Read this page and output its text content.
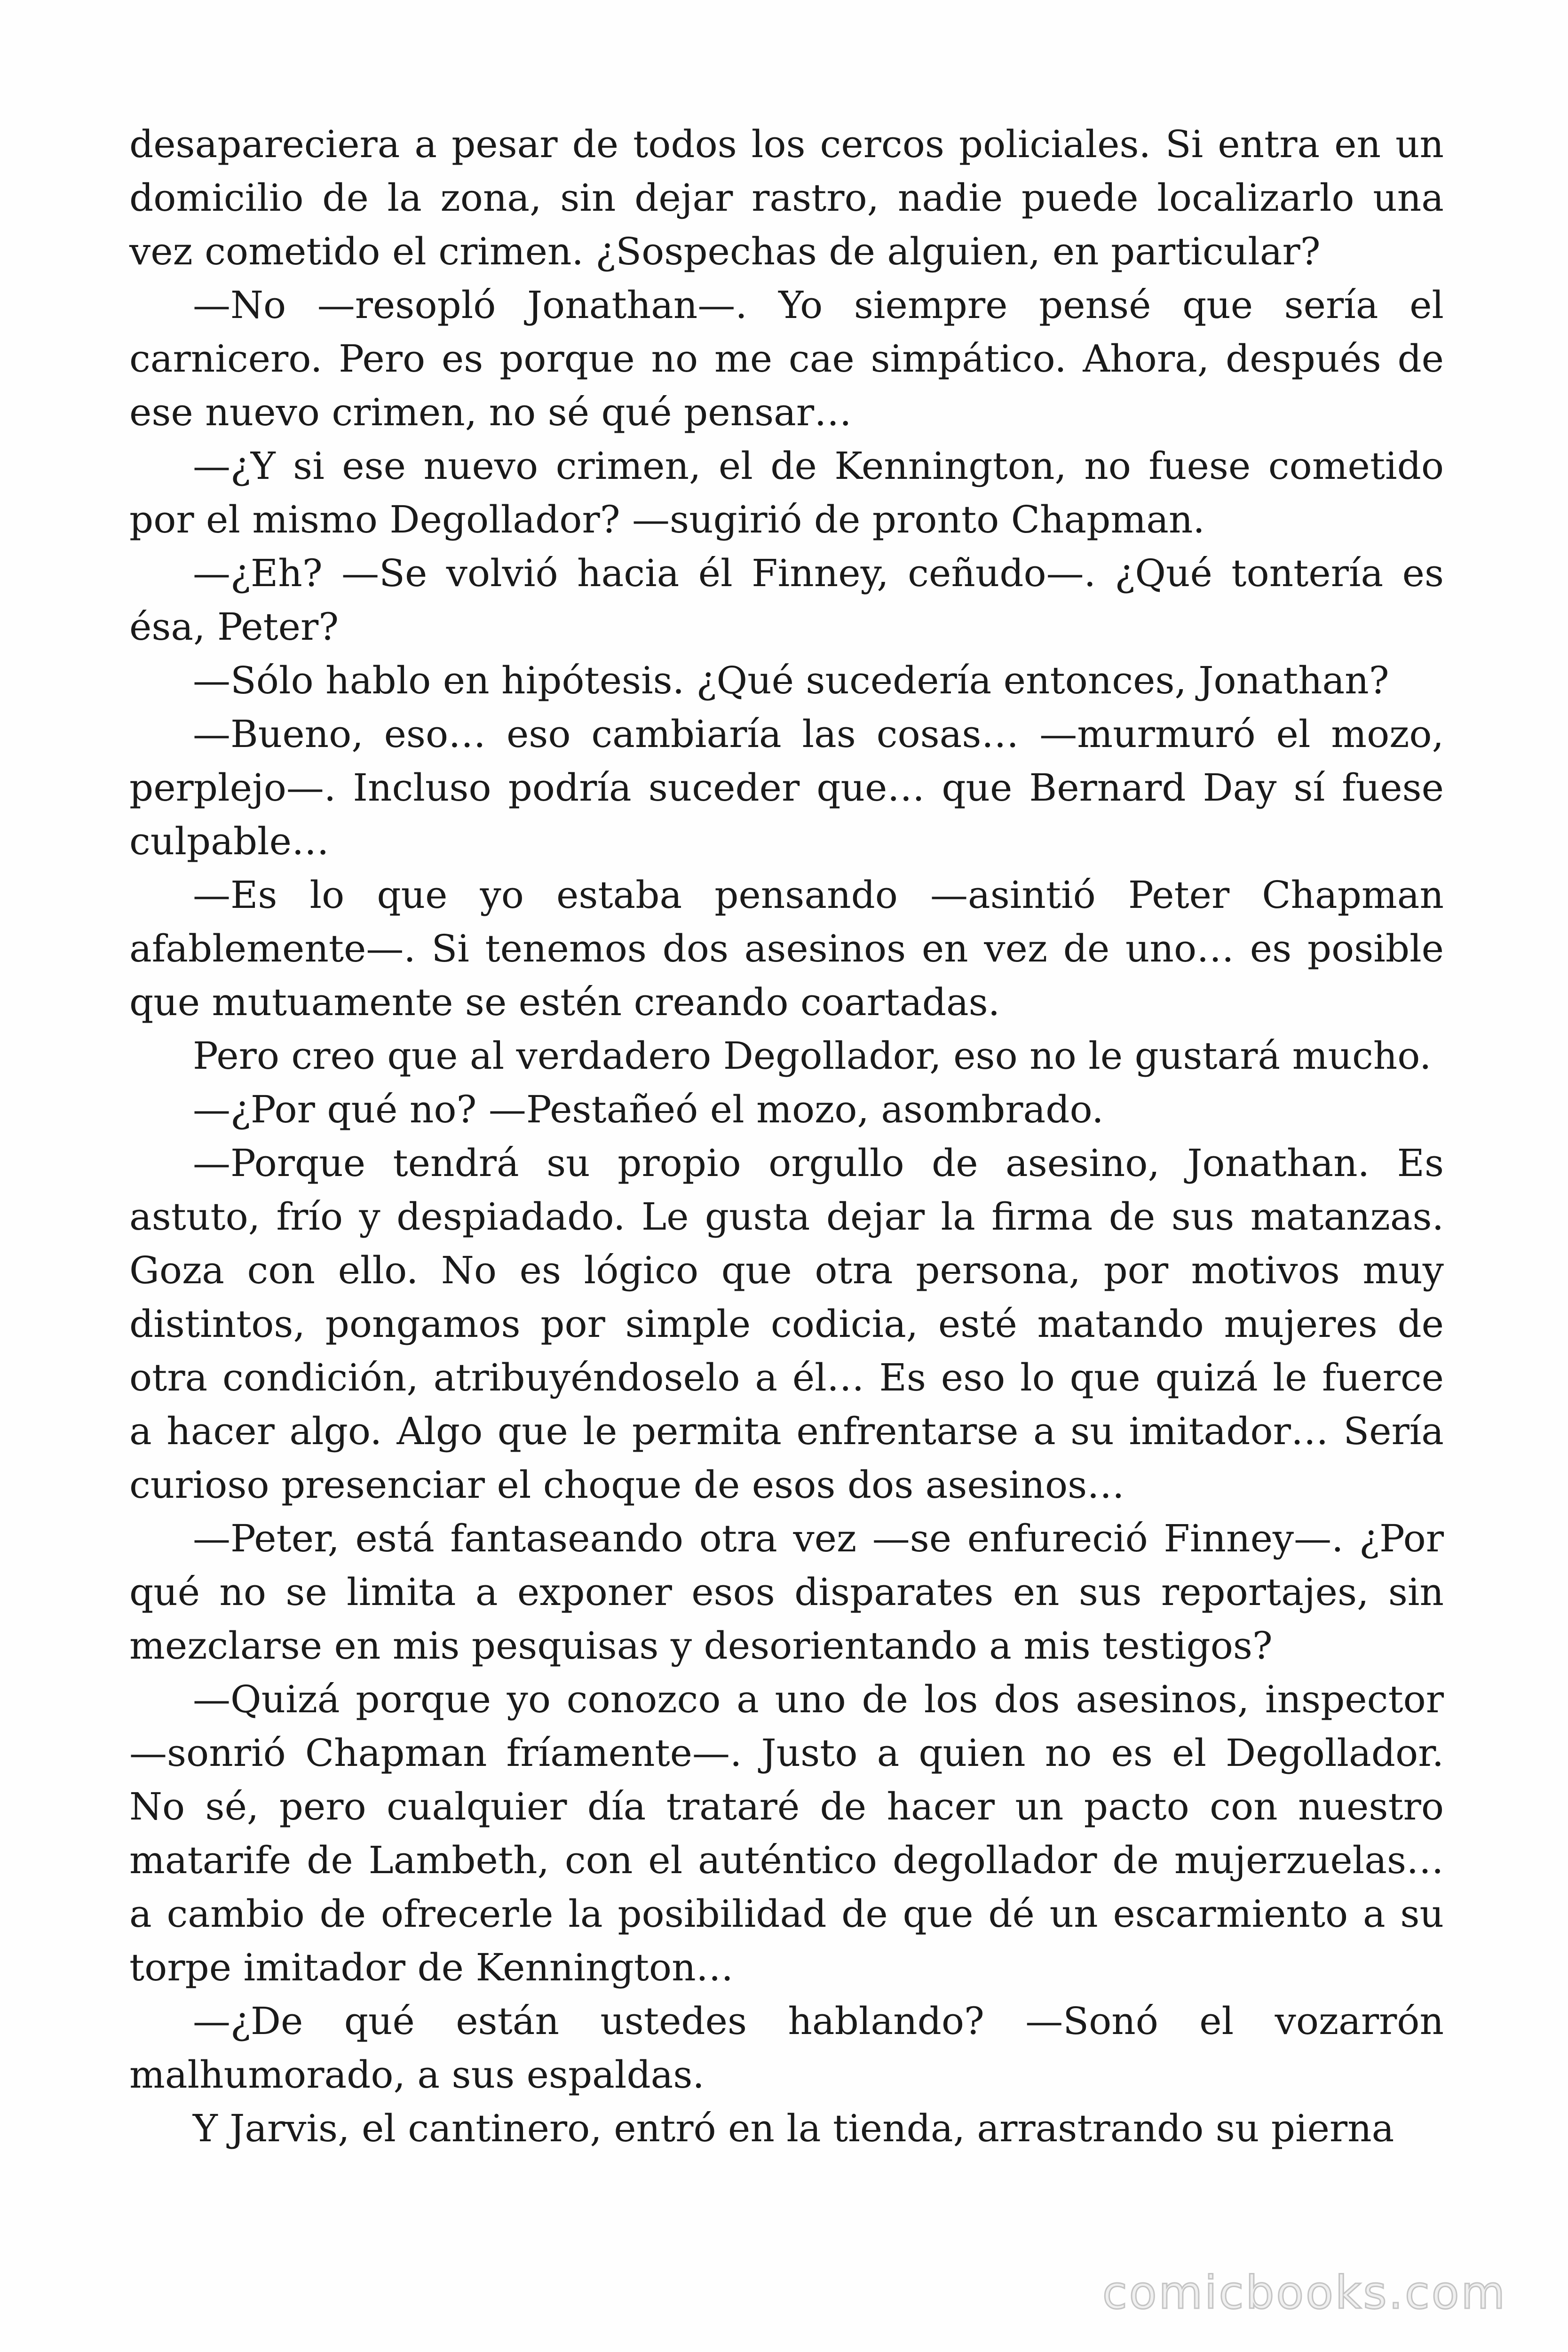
desapareciera a pesar de todos los cercos policiales. Si entra en un domicilio de la zona, sin dejar rastro, nadie puede localizarlo una vez cometido el crimen. ¿Sospechas de alguien, en particular?

—No —resopló Jonathan—. Yo siempre pensé que sería el carnicero. Pero es porque no me cae simpático. Ahora, después de ese nuevo crimen, no sé qué pensar…

—¿Y si ese nuevo crimen, el de Kennington, no fuese cometido por el mismo Degollador? —sugirió de pronto Chapman.

—¿Eh? —Se volvió hacia él Finney, ceñudo—. ¿Qué tontería es ésa, Peter?

—Sólo hablo en hipótesis. ¿Qué sucedería entonces, Jonathan?

—Bueno, eso… eso cambiaría las cosas… —murmuró el mozo, perplejo—. Incluso podría suceder que… que Bernard Day sí fuese culpable…

—Es lo que yo estaba pensando —asintió Peter Chapman afablemente—. Si tenemos dos asesinos en vez de uno… es posible que mutuamente se estén creando coartadas.

Pero creo que al verdadero Degollador, eso no le gustará mucho.

—¿Por qué no? —Pestañeó el mozo, asombrado.

—Porque tendrá su propio orgullo de asesino, Jonathan. Es astuto, frío y despiadado. Le gusta dejar la firma de sus matanzas. Goza con ello. No es lógico que otra persona, por motivos muy distintos, pongamos por simple codicia, esté matando mujeres de otra condición, atribuyéndoselo a él… Es eso lo que quizá le fuerce a hacer algo. Algo que le permita enfrentarse a su imitador… Sería curioso presenciar el choque de esos dos asesinos…

—Peter, está fantaseando otra vez —se enfureció Finney—. ¿Por qué no se limita a exponer esos disparates en sus reportajes, sin mezclarse en mis pesquisas y desorientando a mis testigos?

—Quizá porque yo conozco a uno de los dos asesinos, inspector —sonrió Chapman fríamente—. Justo a quien no es el Degollador. No sé, pero cualquier día trataré de hacer un pacto con nuestro matarife de Lambeth, con el auténtico degollador de mujerzuelas… a cambio de ofrecerle la posibilidad de que dé un escarmiento a su torpe imitador de Kennington…

—¿De qué están ustedes hablando? —Sonó el vozarrón malhumorado, a sus espaldas.

Y Jarvis, el cantinero, entró en la tienda, arrastrando su pierna

comicbooks.com
